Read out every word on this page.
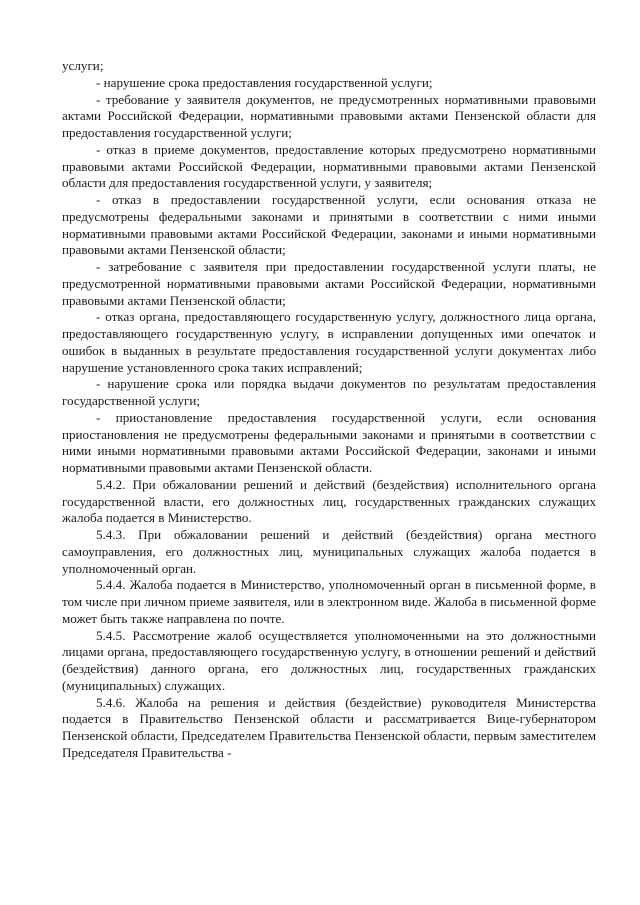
услуги;

- нарушение срока предоставления государственной услуги;

- требование у заявителя документов, не предусмотренных нормативными правовыми актами Российской Федерации, нормативными правовыми актами Пензенской области для предоставления государственной услуги;

- отказ в приеме документов, предоставление которых предусмотрено нормативными правовыми актами Российской Федерации, нормативными правовыми актами Пензенской области для предоставления государственной услуги, у заявителя;

- отказ в предоставлении государственной услуги, если основания отказа не предусмотрены федеральными законами и принятыми в соответствии с ними иными нормативными правовыми актами Российской Федерации, законами и иными нормативными правовыми актами Пензенской области;

- затребование с заявителя при предоставлении государственной услуги платы, не предусмотренной нормативными правовыми актами Российской Федерации, нормативными правовыми актами Пензенской области;

- отказ органа, предоставляющего государственную услугу, должностного лица органа, предоставляющего государственную услугу, в исправлении допущенных ими опечаток и ошибок в выданных в результате предоставления государственной услуги документах либо нарушение установленного срока таких исправлений;

- нарушение срока или порядка выдачи документов по результатам предоставления государственной услуги;

- приостановление предоставления государственной услуги, если основания приостановления не предусмотрены федеральными законами и принятыми в соответствии с ними иными нормативными правовыми актами Российской Федерации, законами и иными нормативными правовыми актами Пензенской области.

5.4.2. При обжаловании решений и действий (бездействия) исполнительного органа государственной власти, его должностных лиц, государственных гражданских служащих жалоба подается в Министерство.

5.4.3. При обжаловании решений и действий (бездействия) органа местного самоуправления, его должностных лиц, муниципальных служащих жалоба подается в уполномоченный орган.

5.4.4. Жалоба подается в Министерство, уполномоченный орган в письменной форме, в том числе при личном приеме заявителя, или в электронном виде. Жалоба в письменной форме может быть также направлена по почте.

5.4.5. Рассмотрение жалоб осуществляется уполномоченными на это должностными лицами органа, предоставляющего государственную услугу, в отношении решений и действий (бездействия) данного органа, его должностных лиц, государственных гражданских (муниципальных) служащих.

5.4.6. Жалоба на решения и действия (бездействие) руководителя Министерства подается в Правительство Пензенской области и рассматривается Вице-губернатором Пензенской области, Председателем Правительства Пензенской области, первым заместителем Председателя Правительства -
